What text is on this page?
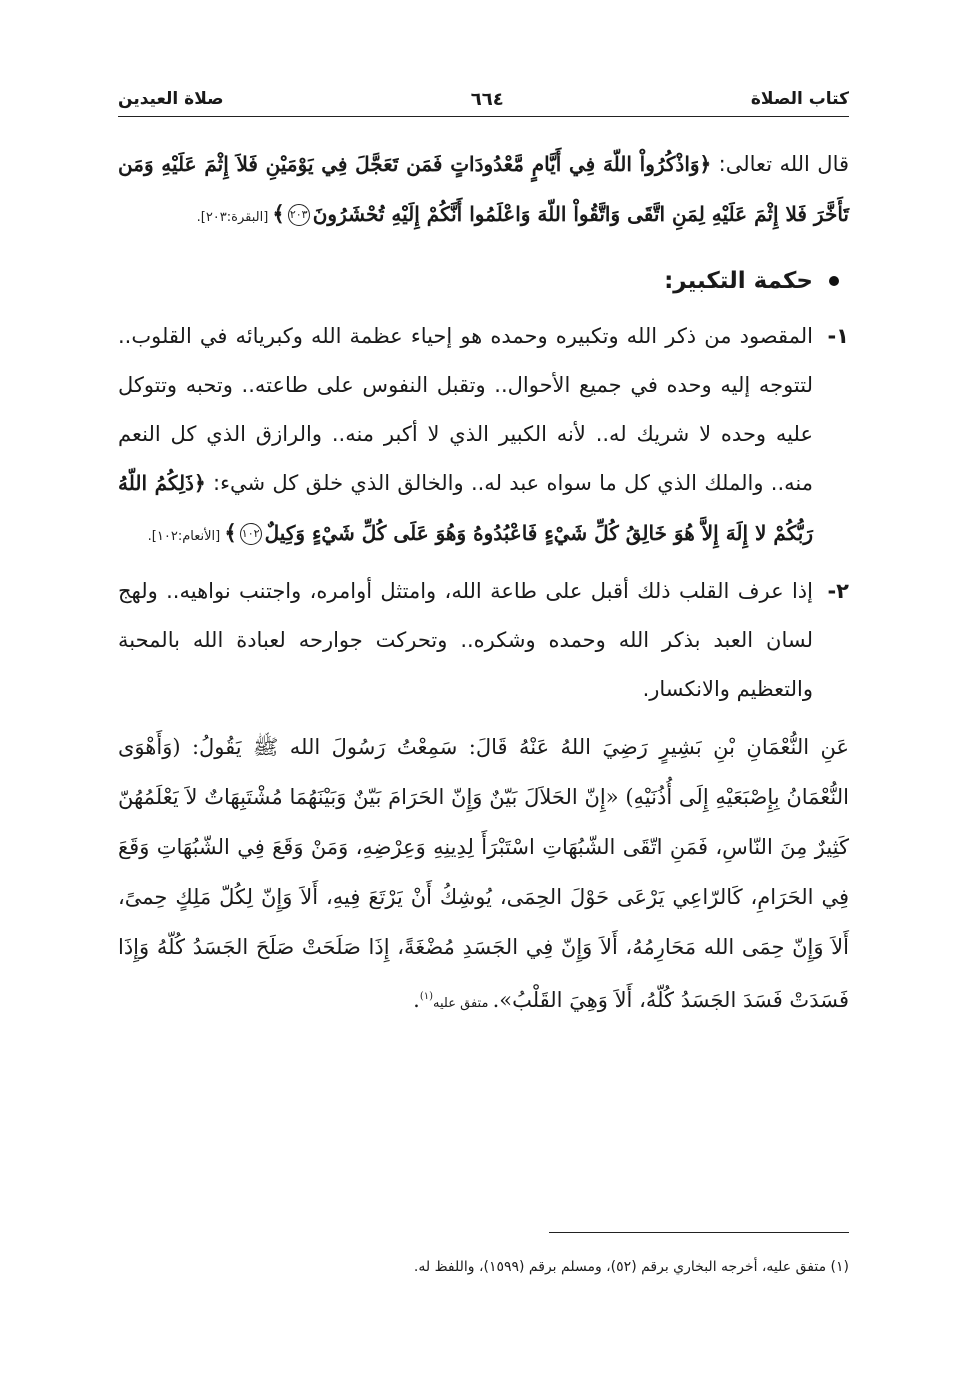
كتاب الصلاة
٦٦٤
صلاة العيدين

قال الله تعالى: ﴿وَاذْكُرُواْ اللّهَ فِي أَيَّامٍ مَّعْدُودَاتٍ فَمَن تَعَجَّلَ فِي يَوْمَيْنِ فَلاَ إِثْمَ عَلَيْهِ وَمَن تَأَخَّرَ فَلا إِثْمَ عَلَيْهِ لِمَنِ اتَّقَى وَاتَّقُواْ اللّهَ وَاعْلَمُوا أَنَّكُمْ إِلَيْهِ تُحْشَرُونَ٢٠٣﴾ [البقرة:٢٠٣].

حكمة التكبير:
١-

المقصود من ذكر الله وتكبيره وحمده هو إحياء عظمة الله وكبريائه في القلوب.. لتتوجه إليه وحده في جميع الأحوال.. وتقبل النفوس على طاعته.. وتحبه وتتوكل عليه وحده لا شريك له.. لأنه الكبير الذي لا أكبر منه.. والرازق الذي كل النعم منه.. والملك الذي كل ما سواه عبد له.. والخالق الذي خلق كل شيء: ﴿ذَلِكُمُ اللّهُ رَبُّكُمْ لا إِلَهَ إِلاَّ هُوَ خَالِقُ كُلِّ شَيْءٍ فَاعْبُدُوهُ وَهُوَ عَلَى كُلِّ شَيْءٍ وَكِيلٌ١٠٢﴾ [الأنعام:١٠٢].

٢-

إذا عرف القلب ذلك أقبل على طاعة الله، وامتثل أوامره، واجتنب نواهيه.. ولهج لسان العبد بذكر الله وحمده وشكره.. وتحركت جوارحه لعبادة الله بالمحبة والتعظيم والانكسار.

عَنِ النُّعْمَانِ بْنِ بَشِيرٍ رَضِيَ اللهُ عَنْهُ قَالَ: سَمِعْتُ رَسُولَ الله ﷺ يَقُولُ: (وَأَهْوَى النُّعْمَانُ بِإِصْبَعَيْهِ إِلَى أُذُنَيْهِ) «إِنّ الحَلاَلَ بَيّنٌ وَإِنّ الحَرَامَ بَيّنٌ وَبَيْنَهُمَا مُشْتَبِهَاتٌ لاَ يَعْلَمُهُنّ كَثِيرٌ مِنَ النّاسِ، فَمَنِ اتّقَى الشّبُهَاتِ اسْتَبْرَأَ لِدِينِهِ وَعِرْضِهِ، وَمَنْ وَقَعَ فِي الشّبُهَاتِ وَقَعَ فِي الحَرَامِ، كَالرّاعِي يَرْعَى حَوْلَ الحِمَى، يُوشِكُ أَنْ يَرْتَعَ فِيهِ، أَلاَ وَإِنّ لِكُلّ مَلِكٍ حِمىً، أَلاَ وَإِنّ حِمَى الله مَحَارِمُهُ، أَلاَ وَإِنّ فِي الجَسَدِ مُضْغَةً، إِذَا صَلَحَتْ صَلَحَ الجَسَدُ كُلّهُ وَإِذَا فَسَدَتْ فَسَدَ الجَسَدُ كُلّهُ، أَلاَ وَهِيَ القَلْبُ». متفق عليه$^{(١)}$.

(١) متفق عليه، أخرجه البخاري برقم (٥٢)، ومسلم برقم (١٥٩٩)، واللفظ له.
